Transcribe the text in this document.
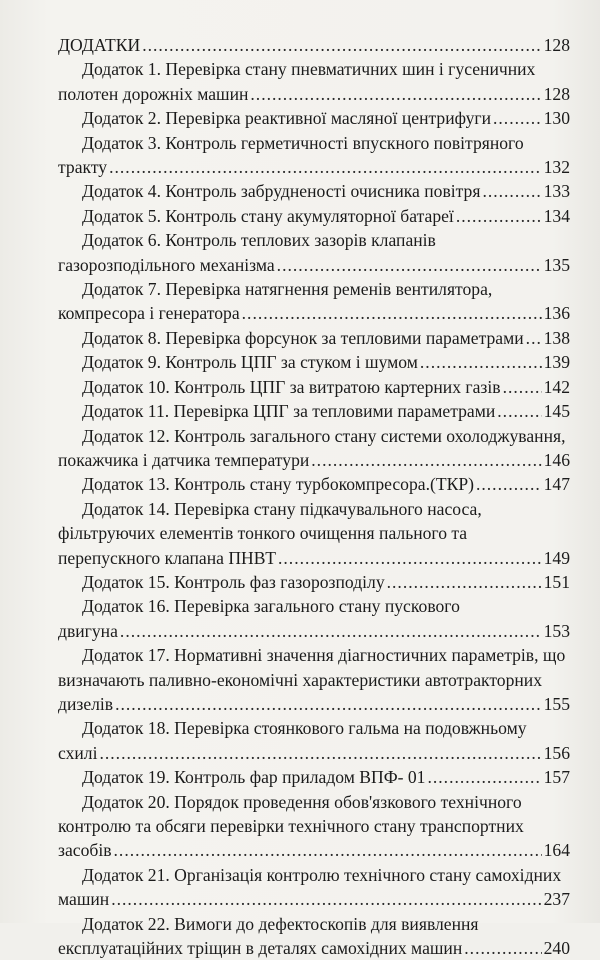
ДОДАТКИ .....	128
Додаток 1. Перевірка стану пневматичних шин і гусеничних
полотен дорожніх машин .....	128
Додаток 2. Перевірка реактивної масляної центрифуги .....	130
Додаток 3. Контроль герметичності впускного повітряного
тракту .....	132
Додаток 4. Контроль забрудненості очисника повітря .....	133
Додаток 5. Контроль стану акумуляторної батареї .....	134
Додаток 6. Контроль теплових зазорів клапанів
газорозподільного механізма .....	135
Додаток 7. Перевірка натягнення ременів вентилятора,
компресора і генератора .....	136
Додаток 8. Перевірка форсунок за тепловими параметрами ..... 138
Додаток 9. Контроль ЦПГ за стуком і шумом .....	139
Додаток 10. Контроль ЦПГ за витратою картерних газів ..... 142
Додаток 11. Перевірка ЦПГ за тепловими параметрами .....	145
Додаток 12. Контроль загального стану системи охолоджування,
покажчика і датчика температури .....	146
Додаток 13. Контроль стану турбокомпресора.(ТКР) .....	147
Додаток 14. Перевірка стану підкачувального насоса,
фільтруючих елементів тонкого очищення пального та
перепускного клапана ПНВТ .....	149
Додаток 15. Контроль фаз газорозподілу .....	151
Додаток 16. Перевірка загального стану пускового
двигуна .....	153
Додаток 17. Нормативні значення діагностичних параметрів, що
визначають паливно-економічні характеристики автотракторних
дизелів .....	155
Додаток 18. Перевірка стоянкового гальма на подовжньому
схилі .....	156
Додаток 19. Контроль фар приладом ВПФ- 01 .....	157
Додаток 20. Порядок проведення обов'язкового технічного
контролю та обсяги перевірки технічного стану транспортних
засобів .....	164
Додаток 21. Організація контролю технічного стану самохідних
машин .....	237
Додаток 22. Вимоги до дефектоскопів для виявлення
експлуатаційних тріщин в деталях самохідних машин .....	240
